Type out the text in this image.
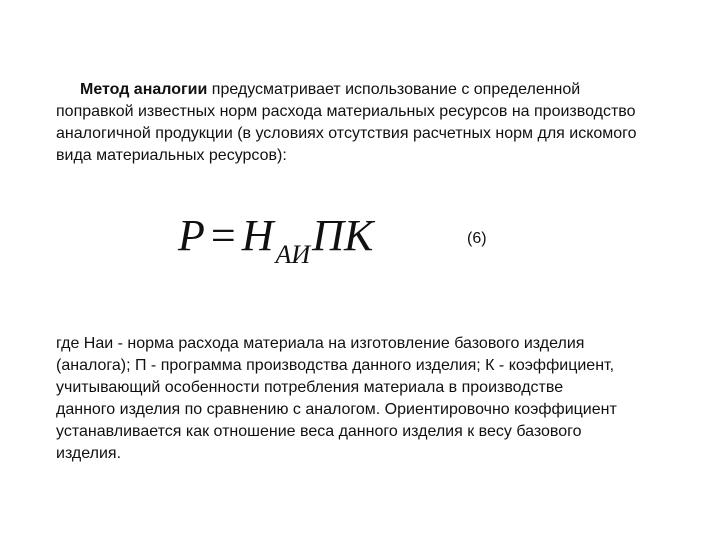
Метод аналогии предусматривает использование с определенной
поправкой известных норм расхода материальных ресурсов на производство
аналогичной продукции (в условиях отсутствия расчетных норм для искомого
вида материальных ресурсов):

$Р = Н_{АИ}ПК$	(6)

где Наи - норма расхода материала на изготовление базового изделия
(аналога); П - программа производства данного изделия; К - коэффициент,
учитывающий особенности потребления материала в производстве
данного изделия по сравнению с аналогом. Ориентировочно коэффициент
устанавливается как отношение веса данного изделия к весу базового
изделия.
